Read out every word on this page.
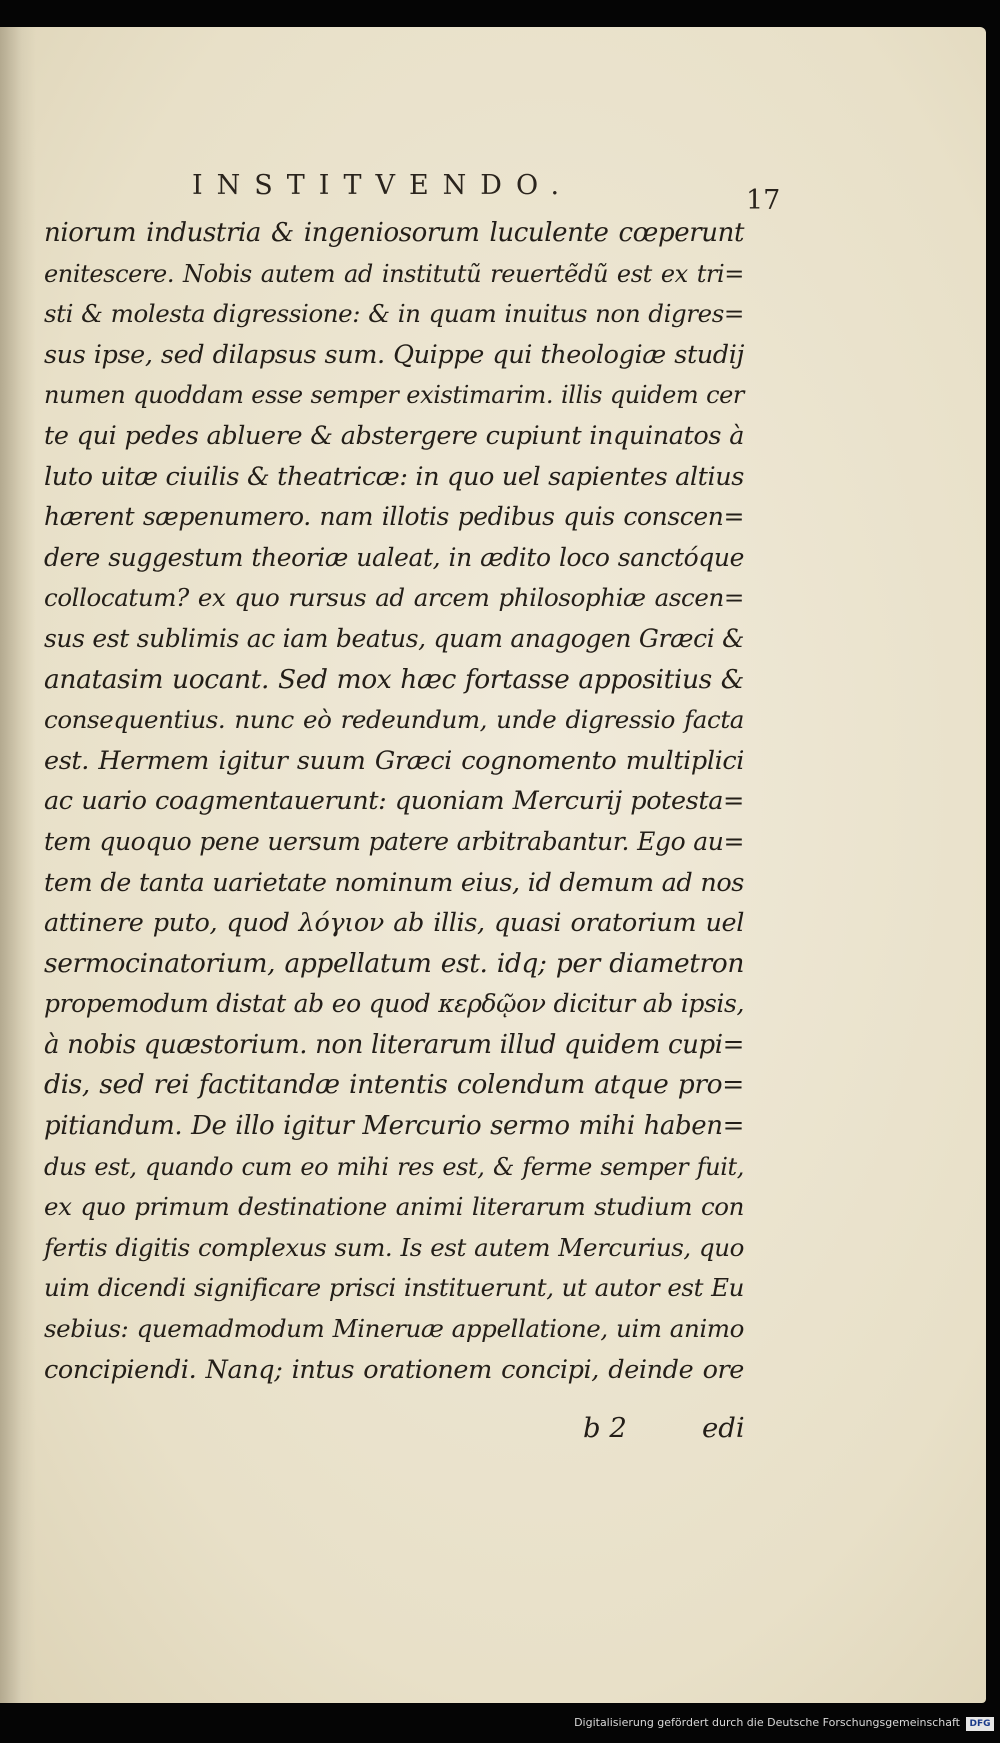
INSTITVENDO.	17
niorum industria & ingeniosorum luculente cœperunt
enitescere. Nobis autem ad institutũ reuertẽdũ est ex tri=
sti & molesta digressione: & in quam inuitus non digres=
sus ipse, sed dilapsus sum. Quippe qui theologiæ studij
numen quoddam esse semper existimarim. illis quidem cer
te qui pedes abluere & abstergere cupiunt inquinatos à
luto uitæ ciuilis & theatricæ: in quo uel sapientes altius
hærent sæpenumero. nam illotis pedibus quis conscen=
dere suggestum theoriæ ualeat, in ædito loco sanctóque
collocatum? ex quo rursus ad arcem philosophiæ ascen=
sus est sublimis ac iam beatus, quam anagogen Græci &
anatasim uocant. Sed mox hæc fortasse appositius &
consequentius. nunc eò redeundum, unde digressio facta
est. Hermem igitur suum Græci cognomento multiplici
ac uario coagmentauerunt: quoniam Mercurij potesta=
tem quoquo pene uersum patere arbitrabantur. Ego au=
tem de tanta uarietate nominum eius, id demum ad nos
attinere puto, quod λόγιον ab illis, quasi oratorium uel
sermocinatorium, appellatum est. idq; per diametron
propemodum distat ab eo quod κερδῷον dicitur ab ipsis,
à nobis quæstorium. non literarum illud quidem cupi=
dis, sed rei factitandæ intentis colendum atque pro=
pitiandum. De illo igitur Mercurio sermo mihi haben=
dus est, quando cum eo mihi res est, & ferme semper fuit,
ex quo primum destinatione animi literarum studium con
fertis digitis complexus sum. Is est autem Mercurius, quo
uim dicendi significare prisci instituerunt, ut autor est Eu
sebius: quemadmodum Mineruæ appellatione, uim animo
concipiendi. Nanq; intus orationem concipi, deinde ore
b 2	edi
Digitalisierung gefördert durch die Deutsche Forschungsgemeinschaft	DFG
